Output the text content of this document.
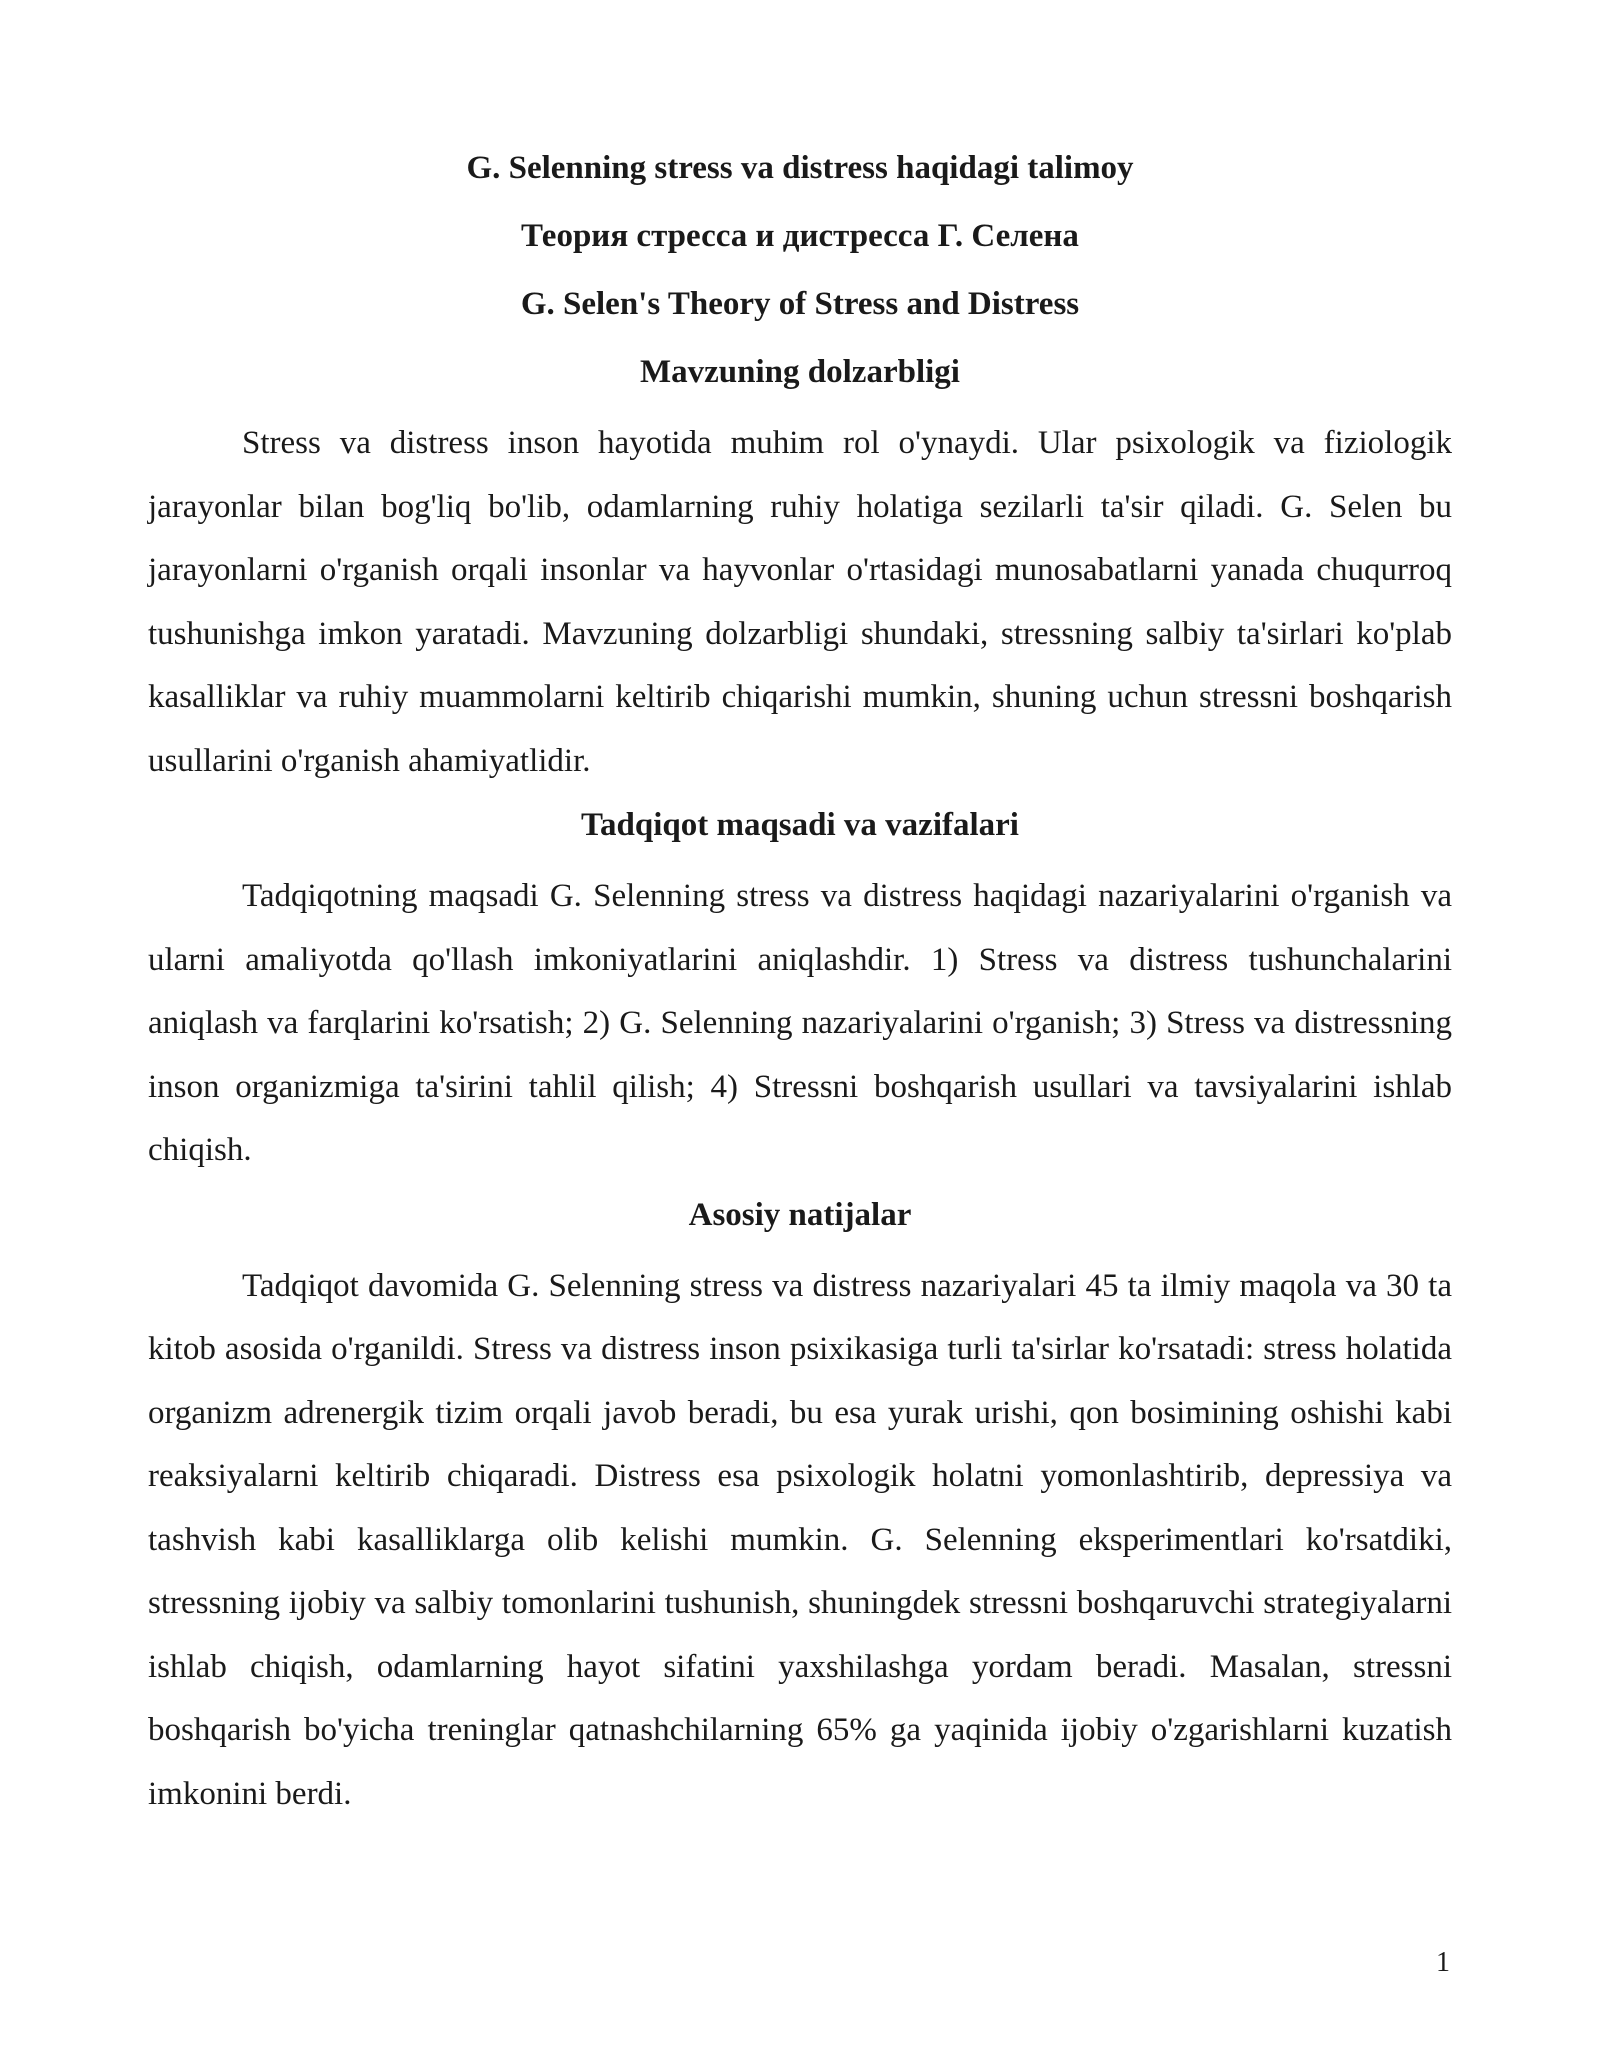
G. Selenning stress va distress haqidagi talimoy
Теория стресса и дистресса Г. Селена
G. Selen's Theory of Stress and Distress
Mavzuning dolzarbligi

Stress va distress inson hayotida muhim rol o'ynaydi. Ular psixologik va fiziologik jarayonlar bilan bog'liq bo'lib, odamlarning ruhiy holatiga sezilarli ta'sir qiladi. G. Selen bu jarayonlarni o'rganish orqali insonlar va hayvonlar o'rtasidagi munosabatlarni yanada chuqurroq tushunishga imkon yaratadi. Mavzuning dolzarbligi shundaki, stressning salbiy ta'sirlari ko'plab kasalliklar va ruhiy muammolarni keltirib chiqarishi mumkin, shuning uchun stressni boshqarish usullarini o'rganish ahamiyatlidir.

Tadqiqot maqsadi va vazifalari

Tadqiqotning maqsadi G. Selenning stress va distress haqidagi nazariyalarini o'rganish va ularni amaliyotda qo'llash imkoniyatlarini aniqlashdir. 1) Stress va distress tushunchalarini aniqlash va farqlarini ko'rsatish; 2) G. Selenning nazariyalarini o'rganish; 3) Stress va distressning inson organizmiga ta'sirini tahlil qilish; 4) Stressni boshqarish usullari va tavsiyalarini ishlab chiqish.

Asosiy natijalar

Tadqiqot davomida G. Selenning stress va distress nazariyalari 45 ta ilmiy maqola va 30 ta kitob asosida o'rganildi. Stress va distress inson psixikasiga turli ta'sirlar ko'rsatadi: stress holatida organizm adrenergik tizim orqali javob beradi, bu esa yurak urishi, qon bosimining oshishi kabi reaksiyalarni keltirib chiqaradi. Distress esa psixologik holatni yomonlashtirib, depressiya va tashvish kabi kasalliklarga olib kelishi mumkin. G. Selenning eksperimentlari ko'rsatdiki, stressning ijobiy va salbiy tomonlarini tushunish, shuningdek stressni boshqaruvchi strategiyalarni ishlab chiqish, odamlarning hayot sifatini yaxshilashga yordam beradi. Masalan, stressni boshqarish bo'yicha treninglar qatnashchilarning 65% ga yaqinida ijobiy o'zgarishlarni kuzatish imkonini berdi.

1
